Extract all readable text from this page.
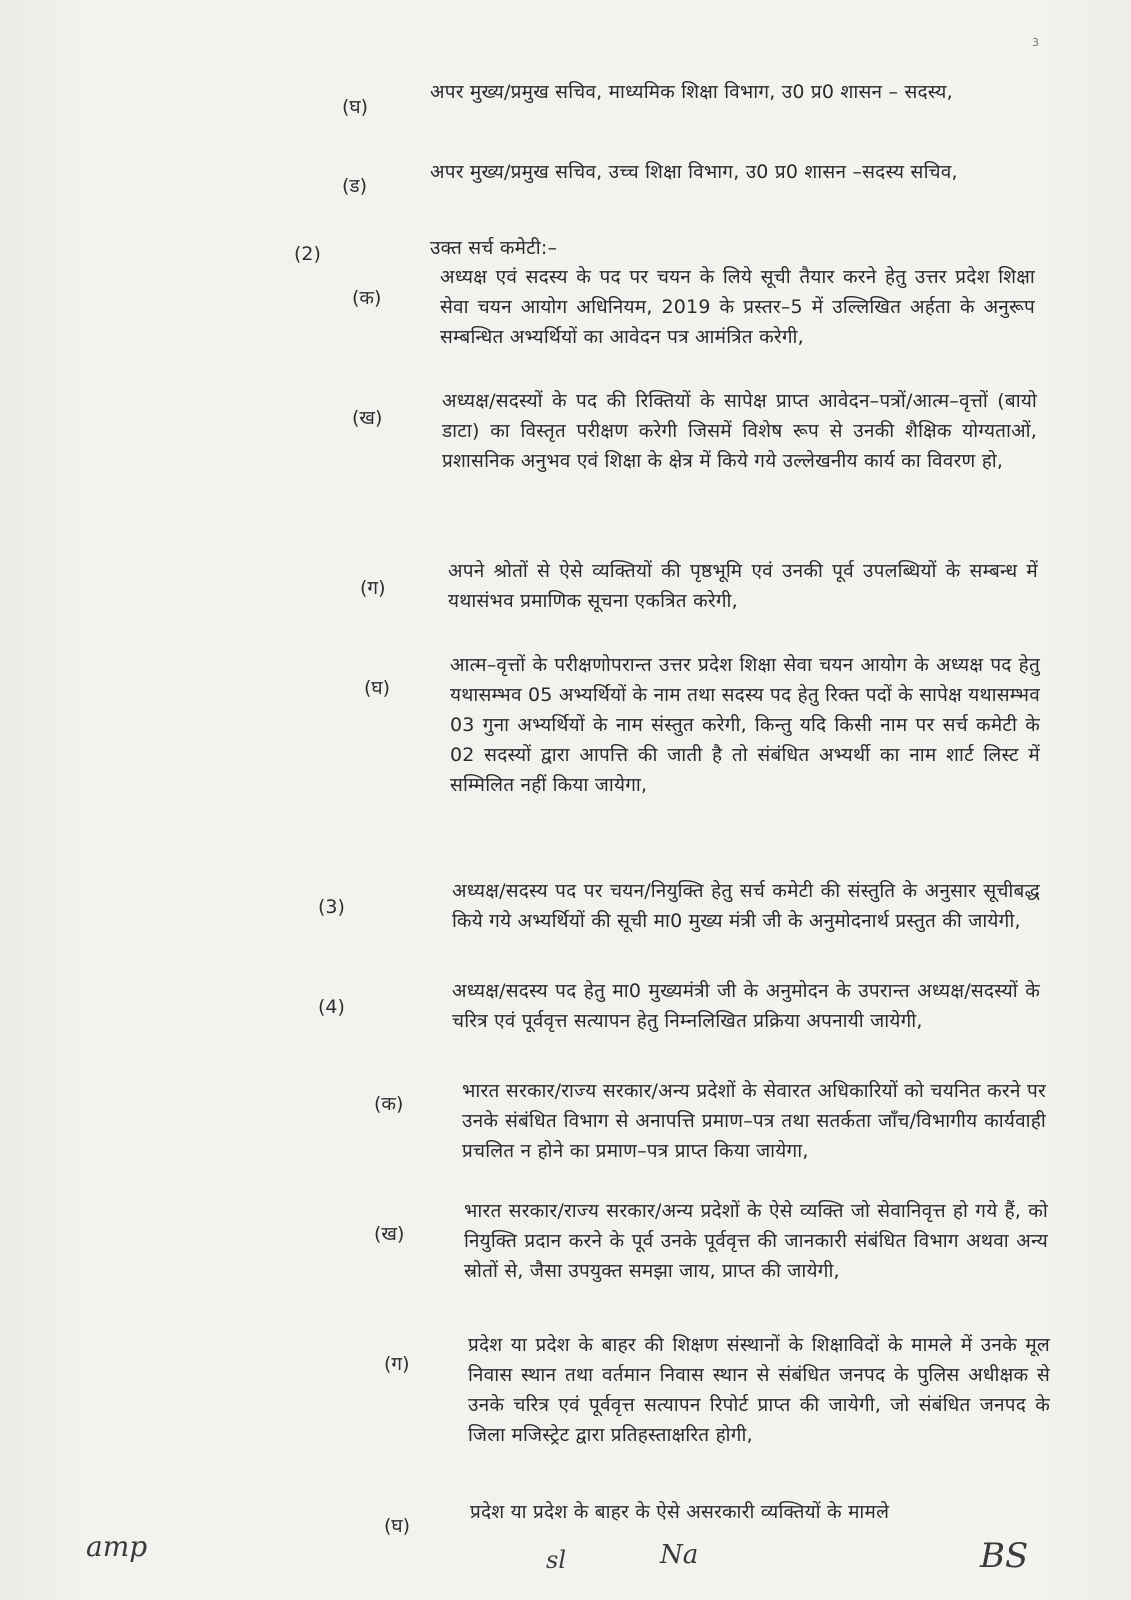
3
(घ)
अपर मुख्य/प्रमुख सचिव, माध्यमिक शिक्षा विभाग, उ0 प्र0 शासन – सदस्य,
(ड)
अपर मुख्य/प्रमुख सचिव, उच्च शिक्षा विभाग, उ0 प्र0 शासन –सदस्य सचिव,
(2)	उक्त सर्च कमेटी:–
(क)
अध्यक्ष एवं सदस्य के पद पर चयन के लिये सूची तैयार करने हेतु उत्तर प्रदेश शिक्षा सेवा चयन आयोग अधिनियम, 2019 के प्रस्तर–5 में उल्लिखित अर्हता के अनुरूप सम्बन्धित अभ्यर्थियों का आवेदन पत्र आमंत्रित करेगी,
(ख)
अध्यक्ष/सदस्यों के पद की रिक्तियों के सापेक्ष प्राप्त आवेदन–पत्रों/आत्म–वृत्तों (बायो डाटा) का विस्तृत परीक्षण करेगी जिसमें विशेष रूप से उनकी शैक्षिक योग्यताओं, प्रशासनिक अनुभव एवं शिक्षा के क्षेत्र में किये गये उल्लेखनीय कार्य का विवरण हो,
(ग)
अपने श्रोतों से ऐसे व्यक्तियों की पृष्ठभूमि एवं उनकी पूर्व उपलब्धियों के सम्बन्ध में यथासंभव प्रमाणिक सूचना एकत्रित करेगी,
(घ)
आत्म–वृत्तों के परीक्षणोपरान्त उत्तर प्रदेश शिक्षा सेवा चयन आयोग के अध्यक्ष पद हेतु यथासम्भव 05 अभ्यर्थियों के नाम तथा सदस्य पद हेतु रिक्त पदों के सापेक्ष यथासम्भव 03 गुना अभ्यर्थियों के नाम संस्तुत करेगी, किन्तु यदि किसी नाम पर सर्च कमेटी के 02 सदस्यों द्वारा आपत्ति की जाती है तो संबंधित अभ्यर्थी का नाम शार्ट लिस्ट में सम्मिलित नहीं किया जायेगा,
(3)
अध्यक्ष/सदस्य पद पर चयन/नियुक्ति हेतु सर्च कमेटी की संस्तुति के अनुसार सूचीबद्ध किये गये अभ्यर्थियों की सूची मा0 मुख्य मंत्री जी के अनुमोदनार्थ प्रस्तुत की जायेगी,
(4)
अध्यक्ष/सदस्य पद हेतु मा0 मुख्यमंत्री जी के अनुमोदन के उपरान्त अध्यक्ष/सदस्यों के चरित्र एवं पूर्ववृत्त सत्यापन हेतु निम्नलिखित प्रक्रिया अपनायी जायेगी,
(क)
भारत सरकार/राज्य सरकार/अन्य प्रदेशों के सेवारत अधिकारियों को चयनित करने पर उनके संबंधित विभाग से अनापत्ति प्रमाण–पत्र तथा सतर्कता जाँच/विभागीय कार्यवाही प्रचलित न होने का प्रमाण–पत्र प्राप्त किया जायेगा,
(ख)
भारत सरकार/राज्य सरकार/अन्य प्रदेशों के ऐसे व्यक्ति जो सेवानिवृत्त हो गये हैं, को नियुक्ति प्रदान करने के पूर्व उनके पूर्ववृत्त की जानकारी संबंधित विभाग अथवा अन्य स्रोतों से, जैसा उपयुक्त समझा जाय, प्राप्त की जायेगी,
(ग)
प्रदेश या प्रदेश के बाहर की शिक्षण संस्थानों के शिक्षाविदों के मामले में उनके मूल निवास स्थान तथा वर्तमान निवास स्थान से संबंधित जनपद के पुलिस अधीक्षक से उनके चरित्र एवं पूर्ववृत्त सत्यापन रिपोर्ट प्राप्त की जायेगी, जो संबंधित जनपद के जिला मजिस्ट्रेट द्वारा प्रतिहस्ताक्षरित होगी,
(घ)
प्रदेश या प्रदेश के बाहर के ऐसे असरकारी व्यक्तियों के मामले
amp	sl	Na	BS
